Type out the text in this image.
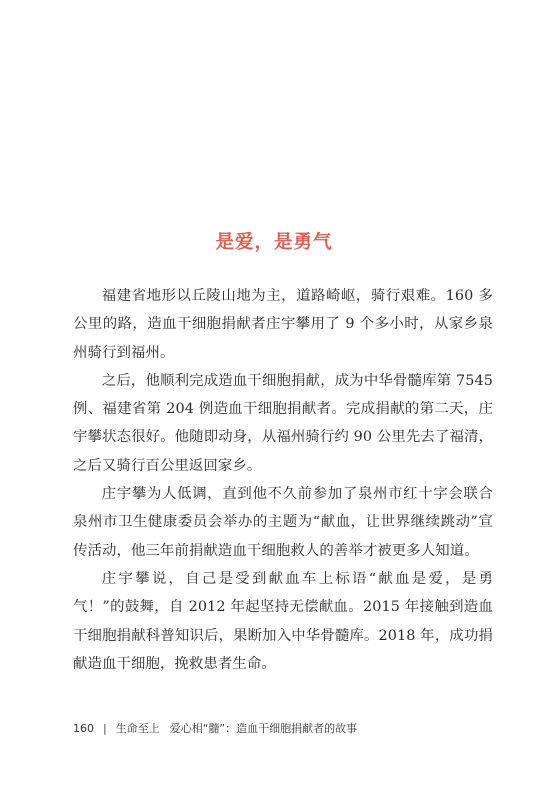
是爱，是勇气

福建省地形以丘陵山地为主，道路崎岖，骑行艰难。160 多公里的路，造血干细胞捐献者庄宇攀用了 9 个多小时，从家乡泉州骑行到福州。

之后，他顺利完成造血干细胞捐献，成为中华骨髓库第 7545 例、福建省第 204 例造血干细胞捐献者。完成捐献的第二天，庄宇攀状态很好。他随即动身，从福州骑行约 90 公里先去了福清，之后又骑行百公里返回家乡。

庄宇攀为人低调，直到他不久前参加了泉州市红十字会联合泉州市卫生健康委员会举办的主题为“献血，让世界继续跳动”宣传活动，他三年前捐献造血干细胞救人的善举才被更多人知道。

庄宇攀说，自己是受到献血车上标语“献血是爱，是勇气！”的鼓舞，自 2012 年起坚持无偿献血。2015 年接触到造血干细胞捐献科普知识后，果断加入中华骨髓库。2018 年，成功捐献造血干细胞，挽救患者生命。

160 | 生命至上 爱心相“髓”：造血干细胞捐献者的故事
